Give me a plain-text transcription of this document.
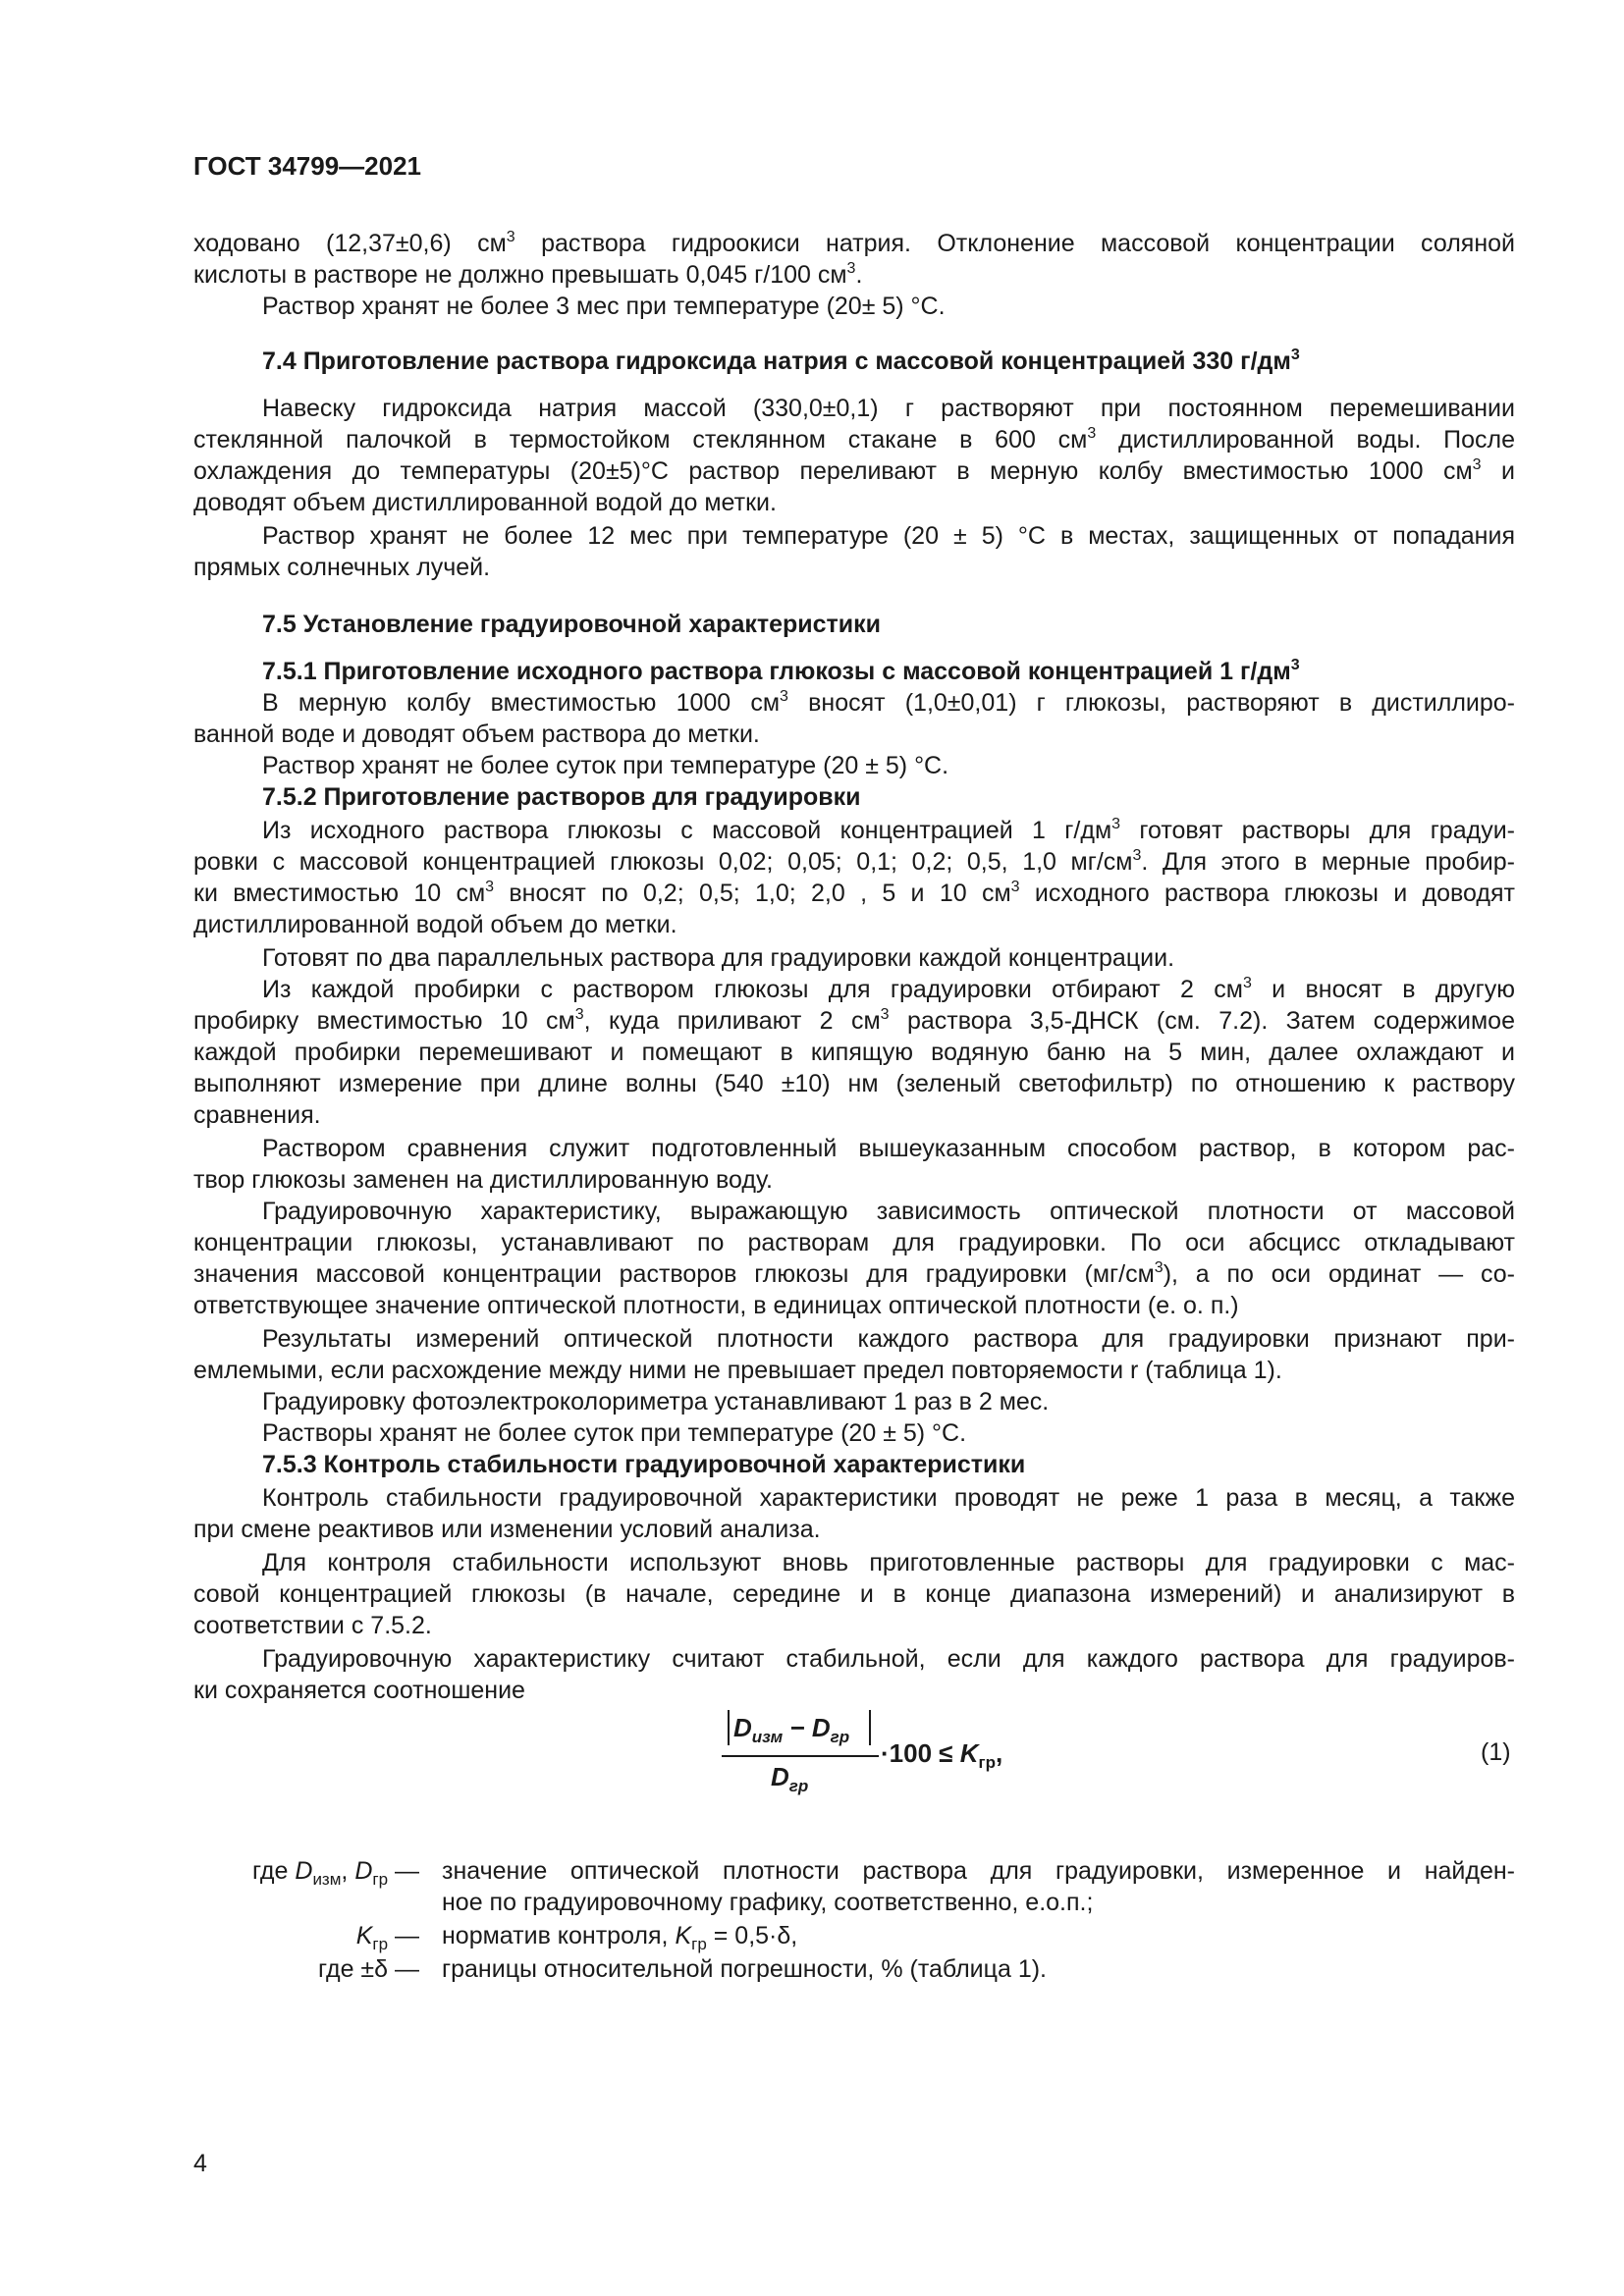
ГОСТ 34799—2021
ходовано (12,37±0,6) $см^3$ раствора гидроокиси натрия. Отклонение массовой концентрации соляной
кислоты в растворе не должно превышать 0,045 г/100 $см^3$.
Раствор хранят не более 3 мес при температуре (20± 5) °С.
7.4 Приготовление раствора гидроксида натрия с массовой концентрацией 330 $г/дм^3$
Навеску гидроксида натрия массой (330,0±0,1) г растворяют при постоянном перемешивании
стеклянной палочкой в термостойком стеклянном стакане в 600 $см^3$ дистиллированной воды. После
охлаждения до температуры (20±5)°С раствор переливают в мерную колбу вместимостью 1000 $см^3$ и
доводят объем дистиллированной водой до метки.
Раствор хранят не более 12 мес при температуре (20 ± 5) °С в местах, защищенных от попадания
прямых солнечных лучей.
7.5 Установление градуировочной характеристики
7.5.1 Приготовление исходного раствора глюкозы с массовой концентрацией 1 $г/дм^3$
В мерную колбу вместимостью 1000 $см^3$ вносят (1,0±0,01) г глюкозы, растворяют в дистиллиро-
ванной воде и доводят объем раствора до метки.
Раствор хранят не более суток при температуре (20 ± 5) °С.
7.5.2 Приготовление растворов для градуировки
Из исходного раствора глюкозы с массовой концентрацией 1 $г/дм^3$ готовят растворы для градуи-
ровки с массовой концентрацией глюкозы 0,02; 0,05; 0,1; 0,2; 0,5, 1,0 $мг/см^3$. Для этого в мерные пробир-
ки вместимостью 10 $см^3$ вносят по 0,2; 0,5; 1,0; 2,0 , 5 и 10 $см^3$ исходного раствора глюкозы и доводят
дистиллированной водой объем до метки.
Готовят по два параллельных раствора для градуировки каждой концентрации.
Из каждой пробирки с раствором глюкозы для градуировки отбирают 2 $см^3$ и вносят в другую
пробирку вместимостью 10 $см^3$, куда приливают 2 $см^3$ раствора 3,5-ДНСК (см. 7.2). Затем содержимое
каждой пробирки перемешивают и помещают в кипящую водяную баню на 5 мин, далее охлаждают и
выполняют измерение при длине волны (540 ±10) нм (зеленый светофильтр) по отношению к раствору
сравнения.
Раствором сравнения служит подготовленный вышеуказанным способом раствор, в котором рас-
твор глюкозы заменен на дистиллированную воду.
Градуировочную характеристику, выражающую зависимость оптической плотности от массовой
концентрации глюкозы, устанавливают по растворам для градуировки. По оси абсцисс откладывают
значения массовой концентрации растворов глюкозы для градуировки $(мг/см^3)$, а по оси ординат — со-
ответствующее значение оптической плотности, в единицах оптической плотности (е. о. п.)
Результаты измерений оптической плотности каждого раствора для градуировки признают при-
емлемыми, если расхождение между ними не превышает предел повторяемости r (таблица 1).
Градуировку фотоэлектроколориметра устанавливают 1 раз в 2 мес.
Растворы хранят не более суток при температуре (20 ± 5) °С.
7.5.3 Контроль стабильности градуировочной характеристики
Контроль стабильности градуировочной характеристики проводят не реже 1 раза в месяц, а также
при смене реактивов или изменении условий анализа.
Для контроля стабильности используют вновь приготовленные растворы для градуировки с мас-
совой концентрацией глюкозы (в начале, середине и в конце диапазона измерений) и анализируют в
соответствии с 7.5.2.
Градуировочную характеристику считают стабильной, если для каждого раствора для градуиров-
ки сохраняется соотношение
$D_{изм} - D_{гр}$
$D_{гр}$
$\cdot 100 \le K_{гр}$,	(1)
где $D_{изм}$, $D_{гр}$ — значение оптической плотности раствора для градуировки, измеренное и найден-
ное по градуировочному графику, соответственно, е.о.п.;
$K_{гр}$ — норматив контроля, $K_{гр} = 0,5\cdot\delta$,
где ±δ — границы относительной погрешности, % (таблица 1).
4
